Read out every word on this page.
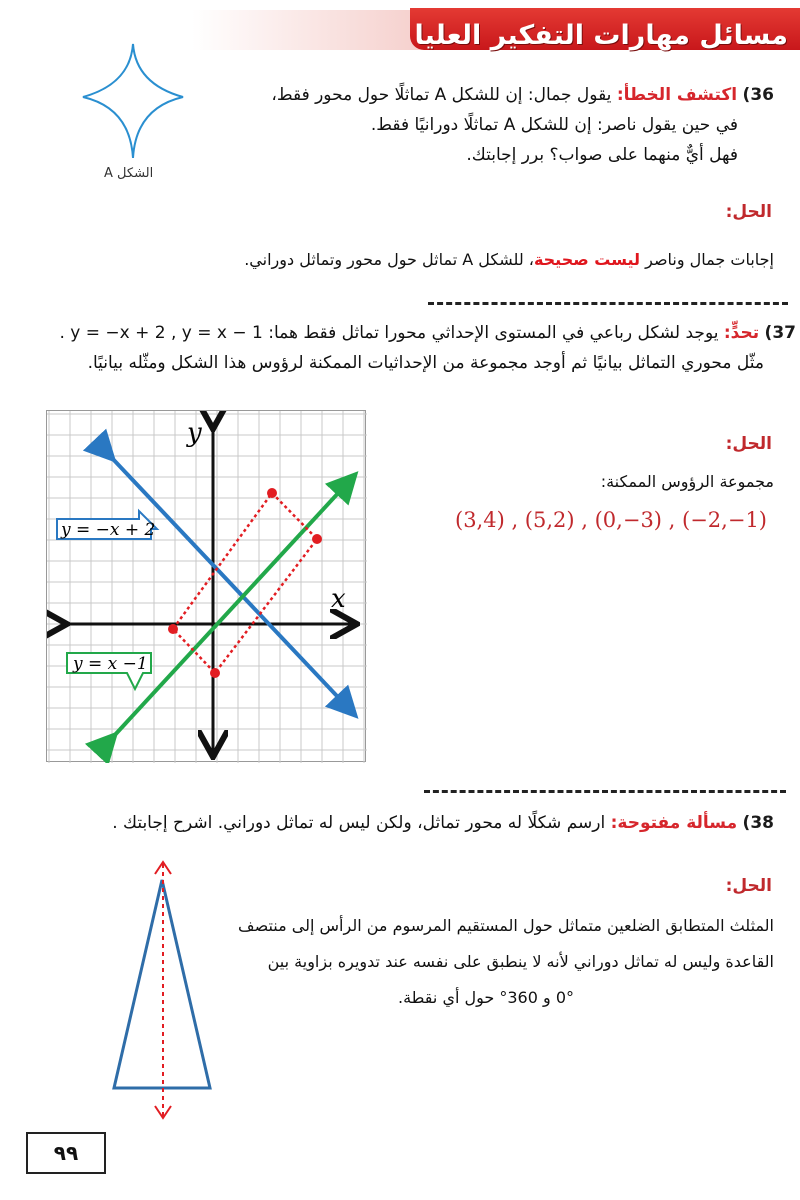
مسائل مهارات التفكير العليا
الشكل A
36) اكتشف الخطأ: يقول جمال: إن للشكل A تماثلًا حول محور فقط،
في حين يقول ناصر: إن للشكل A تماثلًا دورانيًا فقط.
فهل أيٌّ منهما على صواب؟ برر إجابتك.
الحل:
إجابات جمال وناصر ليست صحيحة، للشكل A تماثل حول محور وتماثل دوراني.
37) تحدٍّ: يوجد لشكل رباعي في المستوى الإحداثي محورا تماثل فقط هما: y = −x + 2 , y = x − 1 .
مثّل محوري التماثل بيانيًا ثم أوجد مجموعة من الإحداثيات الممكنة لرؤوس هذا الشكل ومثّله بيانيًا.
y
x
y = −x + 2
y = x −1
الحل:
مجموعة الرؤوس الممكنة:
(3,4) , (5,2) , (0,−3) , (−2,−1)
38) مسألة مفتوحة: ارسم شكلًا له محور تماثل، ولكن ليس له تماثل دوراني. اشرح إجابتك .
الحل:
المثلث المتطابق الضلعين متماثل حول المستقيم المرسوم من الرأس إلى منتصف
القاعدة وليس له تماثل دوراني لأنه لا ينطبق على نفسه عند تدويره بزاوية بين
0° و 360° حول أي نقطة.
٩٩
